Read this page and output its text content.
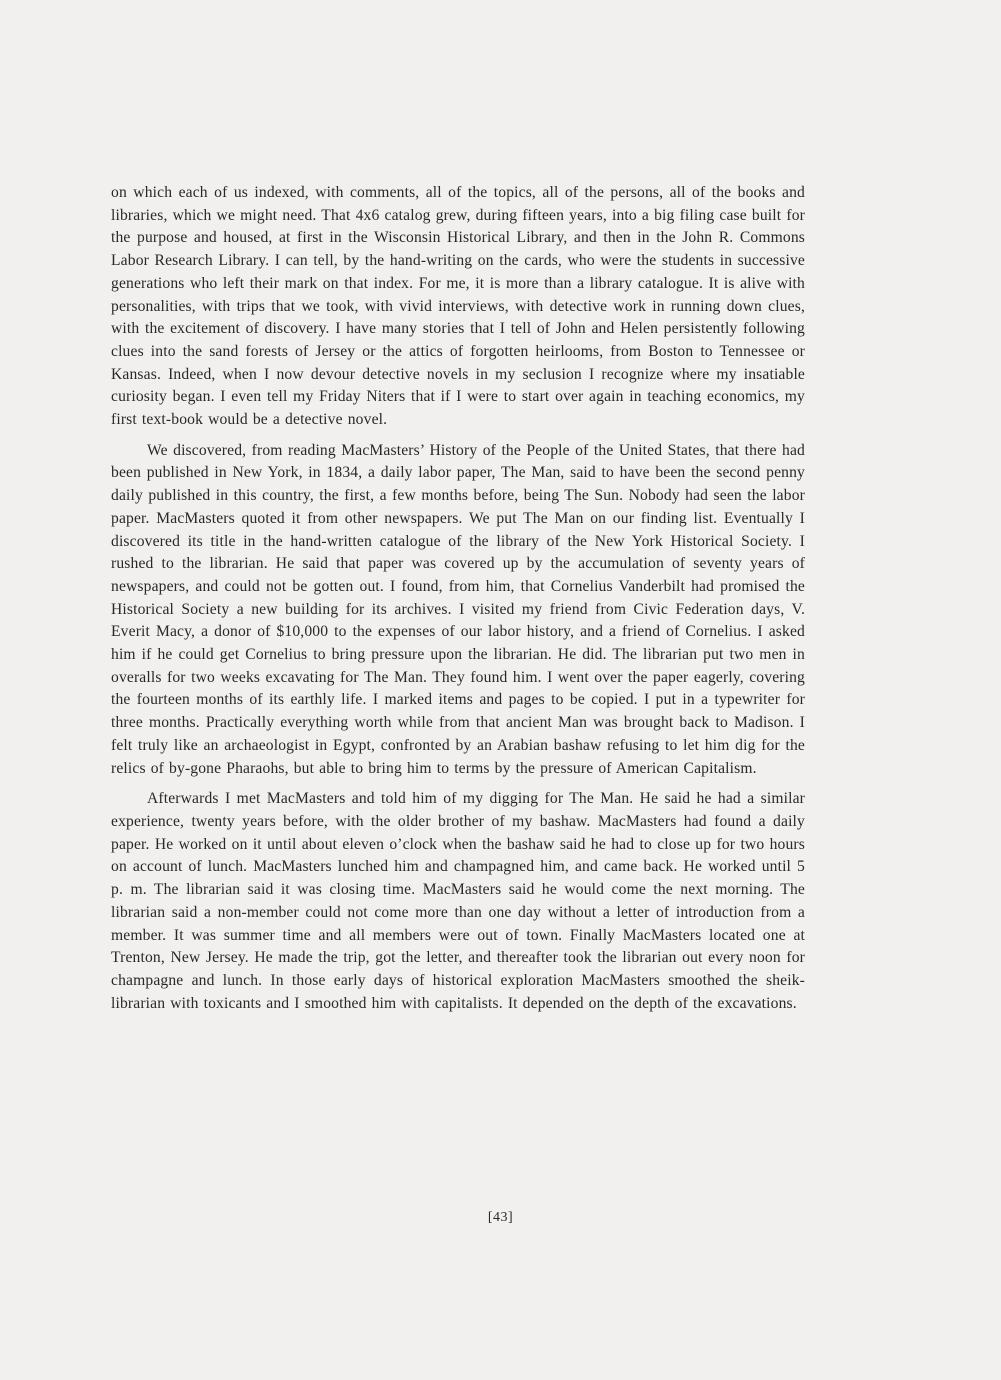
on which each of us indexed, with comments, all of the topics, all of the persons, all of the books and libraries, which we might need. That 4x6 catalog grew, during fifteen years, into a big filing case built for the purpose and housed, at first in the Wisconsin Historical Library, and then in the John R. Commons Labor Research Library. I can tell, by the hand-writing on the cards, who were the students in successive generations who left their mark on that index. For me, it is more than a library catalogue. It is alive with personalities, with trips that we took, with vivid interviews, with detective work in running down clues, with the excitement of discovery. I have many stories that I tell of John and Helen persistently following clues into the sand forests of Jersey or the attics of forgotten heirlooms, from Boston to Tennessee or Kansas. Indeed, when I now devour detective novels in my seclusion I recognize where my insatiable curiosity began. I even tell my Friday Niters that if I were to start over again in teaching economics, my first text-book would be a detective novel.

We discovered, from reading MacMasters’ History of the People of the United States, that there had been published in New York, in 1834, a daily labor paper, The Man, said to have been the second penny daily published in this country, the first, a few months before, being The Sun. Nobody had seen the labor paper. MacMasters quoted it from other newspapers. We put The Man on our finding list. Eventually I discovered its title in the hand-written catalogue of the library of the New York Historical Society. I rushed to the librarian. He said that paper was covered up by the accumulation of seventy years of newspapers, and could not be gotten out. I found, from him, that Cornelius Vanderbilt had promised the Historical Society a new building for its archives. I visited my friend from Civic Federation days, V. Everit Macy, a donor of $10,000 to the expenses of our labor history, and a friend of Cornelius. I asked him if he could get Cornelius to bring pressure upon the librarian. He did. The librarian put two men in overalls for two weeks excavating for The Man. They found him. I went over the paper eagerly, covering the fourteen months of its earthly life. I marked items and pages to be copied. I put in a typewriter for three months. Practically everything worth while from that ancient Man was brought back to Madison. I felt truly like an archaeologist in Egypt, confronted by an Arabian bashaw refusing to let him dig for the relics of by-gone Pharaohs, but able to bring him to terms by the pressure of American Capitalism.

Afterwards I met MacMasters and told him of my digging for The Man. He said he had a similar experience, twenty years before, with the older brother of my bashaw. MacMasters had found a daily paper. He worked on it until about eleven o’clock when the bashaw said he had to close up for two hours on account of lunch. MacMasters lunched him and champagned him, and came back. He worked until 5 p. m. The librarian said it was closing time. MacMasters said he would come the next morning. The librarian said a non-member could not come more than one day without a letter of introduction from a member. It was summer time and all members were out of town. Finally MacMasters located one at Trenton, New Jersey. He made the trip, got the letter, and thereafter took the librarian out every noon for champagne and lunch. In those early days of historical exploration MacMasters smoothed the sheik-librarian with toxicants and I smoothed him with capitalists. It depended on the depth of the excavations.

[43]
